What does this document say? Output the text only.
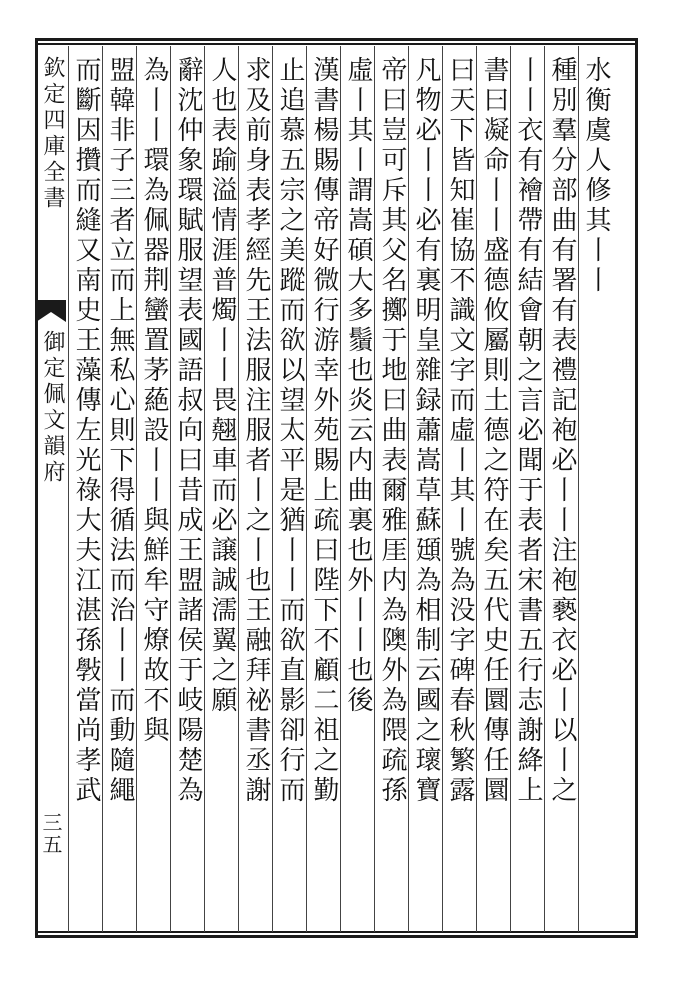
欽定四庫全書
御定佩文韻府
三五
水衡虞人修其丨丨
種別羣分部曲有署有表禮記袍必丨丨注袍褻衣必丨以丨之
丨丨衣有襘帶有結會朝之言必聞于表者宋書五行志謝絳上
書曰凝命丨丨盛德攸屬則土德之符在矣五代史任圜傳任圜
曰天下皆知崔協不識文字而虛丨其丨號為没字碑春秋繁露
凡物必丨丨必有裏明皇雜録蕭嵩草蘇頲為相制云國之瓌寶
帝曰豈可斥其父名擲于地曰曲表爾雅厓内為隩外為隈疏孫
虛丨其丨謂嵩碩大多鬚也炎云内曲裏也外丨丨也後
漢書楊賜傳帝好微行游幸外苑賜上疏曰陛下不顧二祖之勤
止追慕五宗之美蹤而欲以望太平是猶丨丨而欲直影卻行而
求及前身表孝經先王法服注服者丨之丨也王融拜祕書丞謝
人也表踰溢情涯普燭丨丨畏翹車而必譲誠濡翼之願
辭沈仲象環賦服望表國語叔向曰昔成王盟諸侯于岐陽楚為
為丨丨環為佩器荆蠻置茅蕝設丨丨與鮮牟守燎故不與
盟韓非子三者立而上無私心則下得循法而治丨丨而動隨繩
而斷因攢而縫又南史王藻傳左光祿大夫江湛孫斅當尚孝武
